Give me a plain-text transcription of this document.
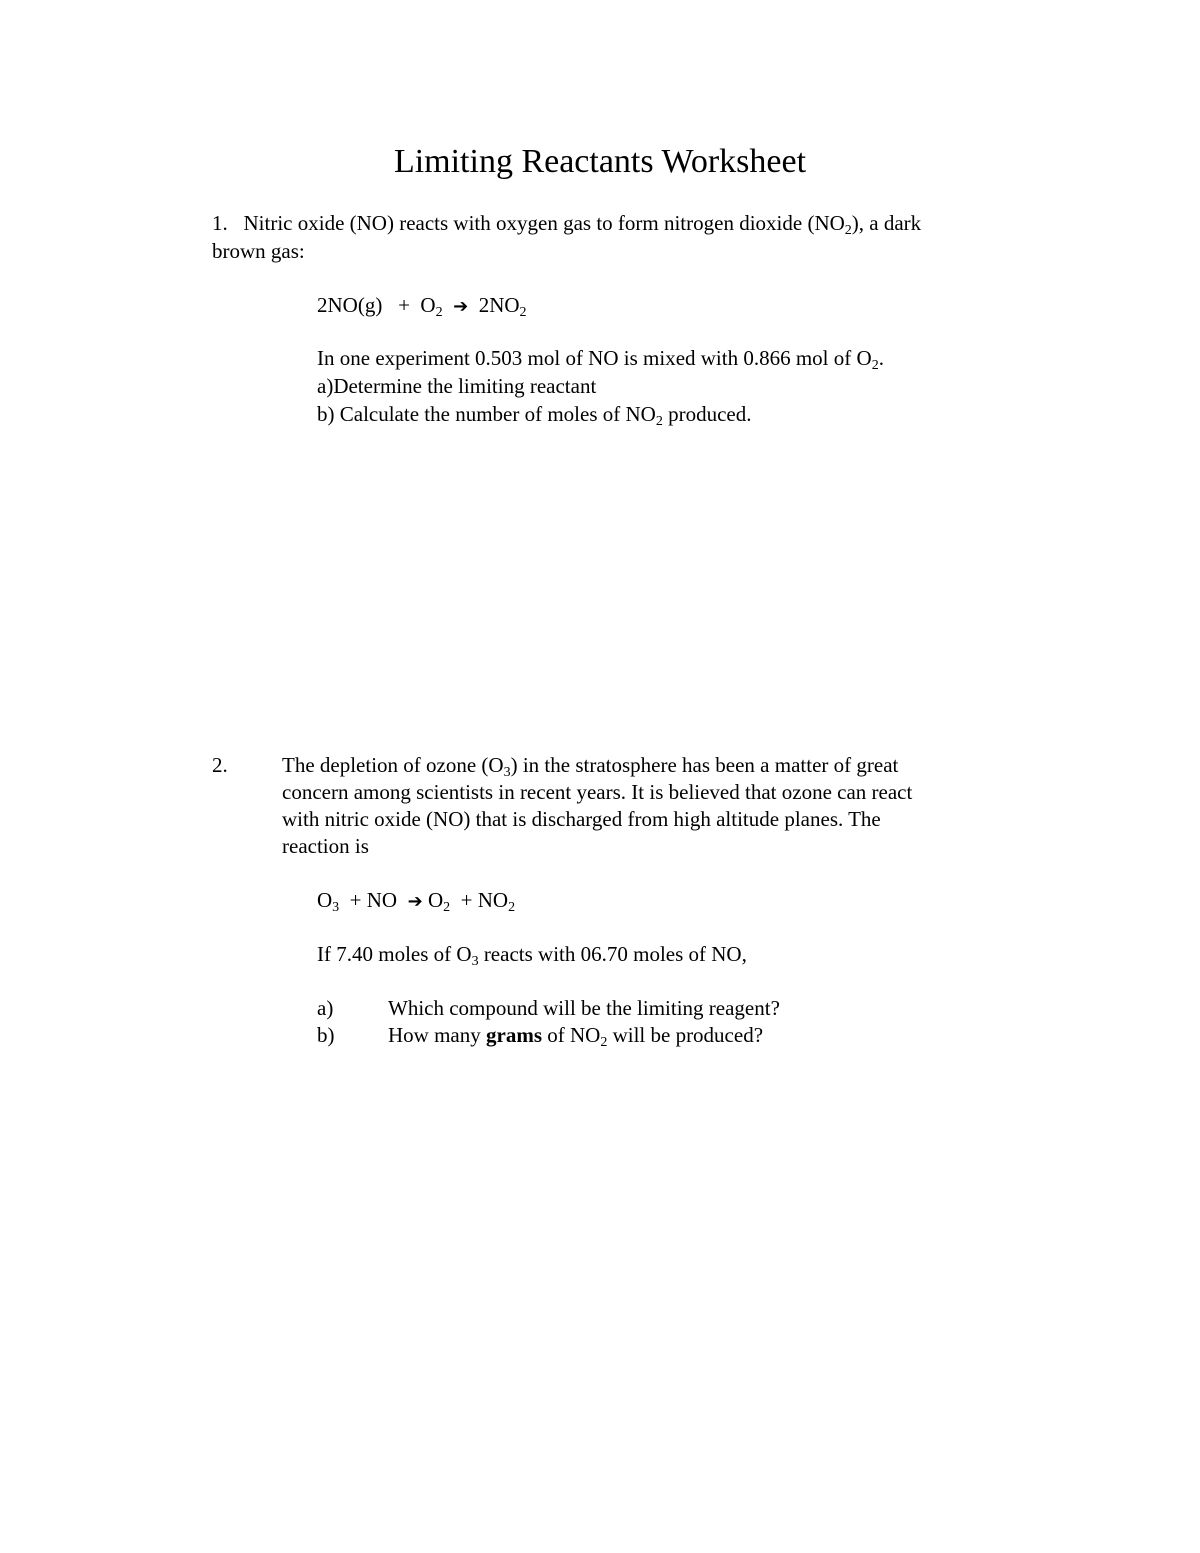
Limiting Reactants Worksheet
1. Nitric oxide (NO) reacts with oxygen gas to form nitrogen dioxide $(NO_2)$, a dark
brown gas:
$2NO(g) + O_2$ ➔ $2NO_2$
In one experiment 0.503 mol of NO is mixed with 0.866 mol of $O_2$.
a)Determine the limiting reactant
b) Calculate the number of moles of $NO_2$ produced.
2.	The depletion of ozone $(O_3)$ in the stratosphere has been a matter of great
concern among scientists in recent years. It is believed that ozone can react
with nitric oxide (NO) that is discharged from high altitude planes. The
reaction is
$O_3$ + NO ➔ $O_2 + NO_2$
If 7.40 moles of $O_3$ reacts with 06.70 moles of NO,
a)	Which compound will be the limiting reagent?
b)	How many grams of $NO_2$ will be produced?
